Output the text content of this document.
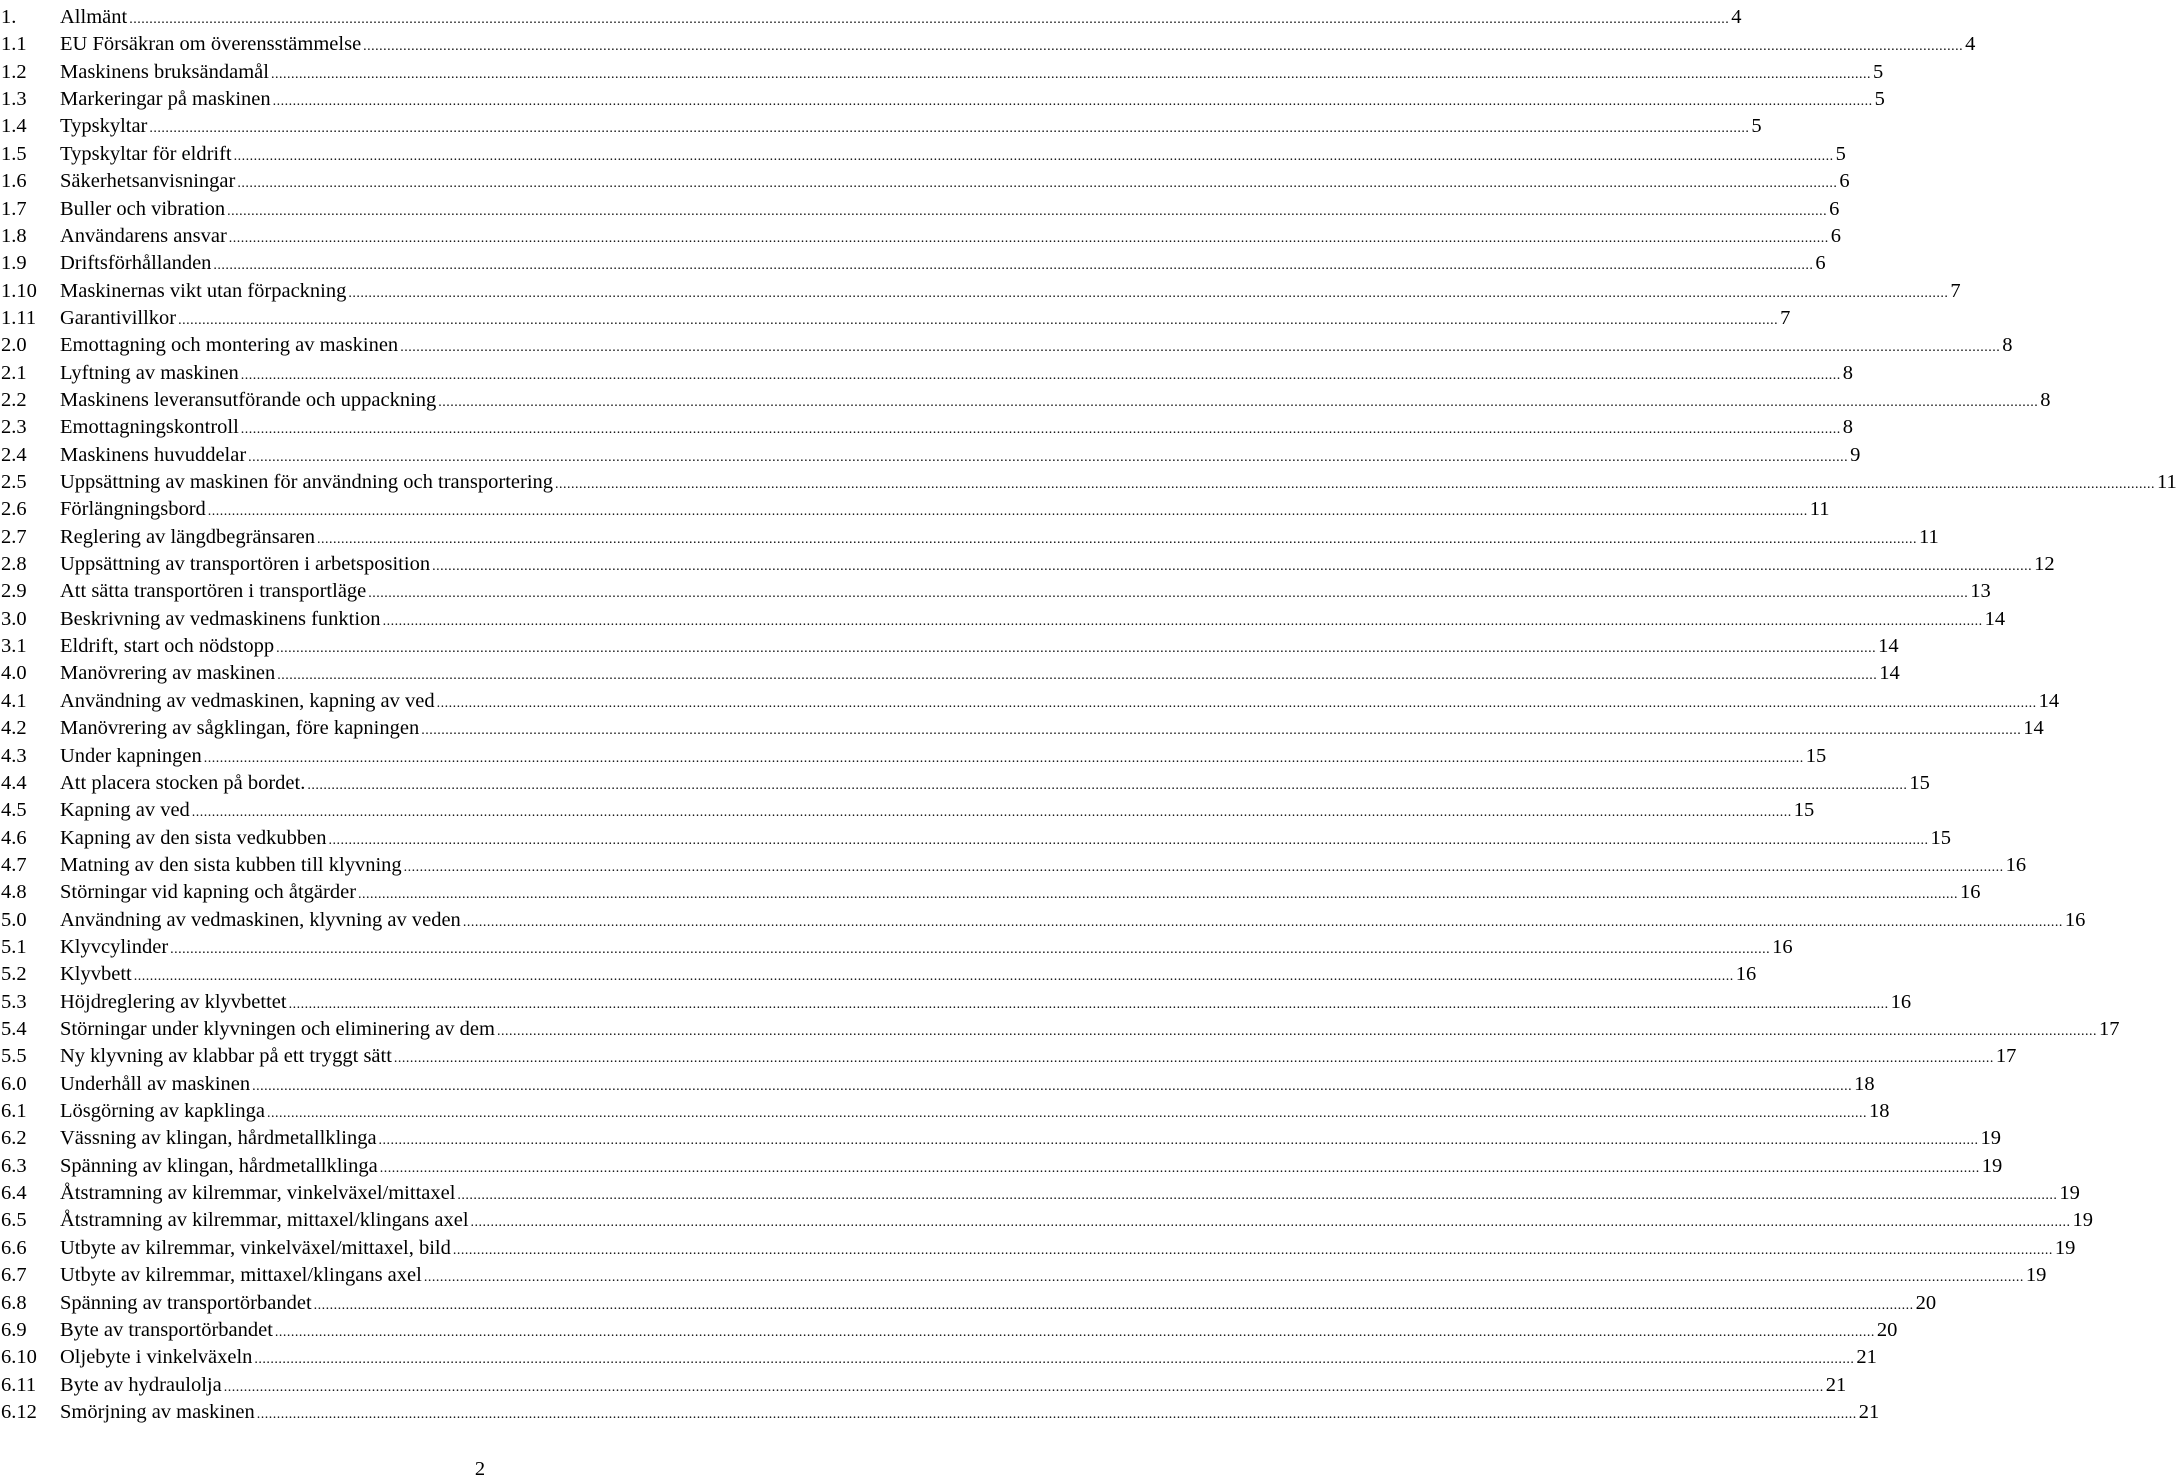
1.	Allmänt ................................................................................................................................................................................................................................................................................................................................................................................................................ 4
1.1	EU Försäkran om överensstämmelse ................................................................................................................................................................................................................................................................................................................................................................................................................ 4
1.2	Maskinens bruksändamål ................................................................................................................................................................................................................................................................................................................................................................................................................ 5
1.3	Markeringar på maskinen ................................................................................................................................................................................................................................................................................................................................................................................................................ 5
1.4	Typskyltar ................................................................................................................................................................................................................................................................................................................................................................................................................ 5
1.5	Typskyltar för eldrift ................................................................................................................................................................................................................................................................................................................................................................................................................ 5
1.6	Säkerhetsanvisningar ................................................................................................................................................................................................................................................................................................................................................................................................................ 6
1.7	Buller och vibration ................................................................................................................................................................................................................................................................................................................................................................................................................ 6
1.8	Användarens ansvar ................................................................................................................................................................................................................................................................................................................................................................................................................ 6
1.9	Driftsförhållanden ................................................................................................................................................................................................................................................................................................................................................................................................................ 6
1.10	Maskinernas vikt utan förpackning ................................................................................................................................................................................................................................................................................................................................................................................................................ 7
1.11	Garantivillkor ................................................................................................................................................................................................................................................................................................................................................................................................................ 7
2.0	Emottagning och montering av maskinen ................................................................................................................................................................................................................................................................................................................................................................................................................ 8
2.1	Lyftning av maskinen ................................................................................................................................................................................................................................................................................................................................................................................................................ 8
2.2	Maskinens leveransutförande och uppackning ................................................................................................................................................................................................................................................................................................................................................................................................................ 8
2.3	Emottagningskontroll ................................................................................................................................................................................................................................................................................................................................................................................................................ 8
2.4	Maskinens huvuddelar ................................................................................................................................................................................................................................................................................................................................................................................................................ 9
2.5	Uppsättning av maskinen för användning och transportering ................................................................................................................................................................................................................................................................................................................................................................................................................ 11
2.6	Förlängningsbord ................................................................................................................................................................................................................................................................................................................................................................................................................ 11
2.7	Reglering av längdbegränsaren ................................................................................................................................................................................................................................................................................................................................................................................................................ 11
2.8	Uppsättning av transportören i arbetsposition ................................................................................................................................................................................................................................................................................................................................................................................................................ 12
2.9	Att sätta transportören i transportläge ................................................................................................................................................................................................................................................................................................................................................................................................................ 13
3.0	Beskrivning av vedmaskinens funktion ................................................................................................................................................................................................................................................................................................................................................................................................................ 14
3.1	Eldrift, start och nödstopp ................................................................................................................................................................................................................................................................................................................................................................................................................ 14
4.0	Manövrering av maskinen ................................................................................................................................................................................................................................................................................................................................................................................................................ 14
4.1	Användning av vedmaskinen, kapning av ved ................................................................................................................................................................................................................................................................................................................................................................................................................ 14
4.2	Manövrering av sågklingan, före kapningen ................................................................................................................................................................................................................................................................................................................................................................................................................ 14
4.3	Under kapningen ................................................................................................................................................................................................................................................................................................................................................................................................................ 15
4.4	Att placera stocken på bordet. ................................................................................................................................................................................................................................................................................................................................................................................................................ 15
4.5	Kapning av ved ................................................................................................................................................................................................................................................................................................................................................................................................................ 15
4.6	Kapning av den sista vedkubben ................................................................................................................................................................................................................................................................................................................................................................................................................ 15
4.7	Matning av den sista kubben till klyvning ................................................................................................................................................................................................................................................................................................................................................................................................................ 16
4.8	Störningar vid kapning och åtgärder ................................................................................................................................................................................................................................................................................................................................................................................................................ 16
5.0	Användning av vedmaskinen, klyvning av veden ................................................................................................................................................................................................................................................................................................................................................................................................................ 16
5.1	Klyvcylinder ................................................................................................................................................................................................................................................................................................................................................................................................................ 16
5.2	Klyvbett ................................................................................................................................................................................................................................................................................................................................................................................................................ 16
5.3	Höjdreglering av klyvbettet ................................................................................................................................................................................................................................................................................................................................................................................................................ 16
5.4	Störningar under klyvningen och eliminering av dem ................................................................................................................................................................................................................................................................................................................................................................................................................ 17
5.5	Ny klyvning av klabbar på ett tryggt sätt ................................................................................................................................................................................................................................................................................................................................................................................................................ 17
6.0	Underhåll av maskinen ................................................................................................................................................................................................................................................................................................................................................................................................................ 18
6.1	Lösgörning av kapklinga ................................................................................................................................................................................................................................................................................................................................................................................................................ 18
6.2	Vässning av klingan, hårdmetallklinga ................................................................................................................................................................................................................................................................................................................................................................................................................ 19
6.3	Spänning av klingan, hårdmetallklinga ................................................................................................................................................................................................................................................................................................................................................................................................................ 19
6.4	Åtstramning av kilremmar, vinkelväxel/mittaxel ................................................................................................................................................................................................................................................................................................................................................................................................................ 19
6.5	Åtstramning av kilremmar, mittaxel/klingans axel ................................................................................................................................................................................................................................................................................................................................................................................................................ 19
6.6	Utbyte av kilremmar, vinkelväxel/mittaxel, bild ................................................................................................................................................................................................................................................................................................................................................................................................................ 19
6.7	Utbyte av kilremmar, mittaxel/klingans axel ................................................................................................................................................................................................................................................................................................................................................................................................................ 19
6.8	Spänning av transportörbandet ................................................................................................................................................................................................................................................................................................................................................................................................................ 20
6.9	Byte av transportörbandet ................................................................................................................................................................................................................................................................................................................................................................................................................ 20
6.10	Oljebyte i vinkelväxeln ................................................................................................................................................................................................................................................................................................................................................................................................................ 21
6.11	Byte av hydraulolja ................................................................................................................................................................................................................................................................................................................................................................................................................ 21
6.12	Smörjning av maskinen ................................................................................................................................................................................................................................................................................................................................................................................................................ 21
2
